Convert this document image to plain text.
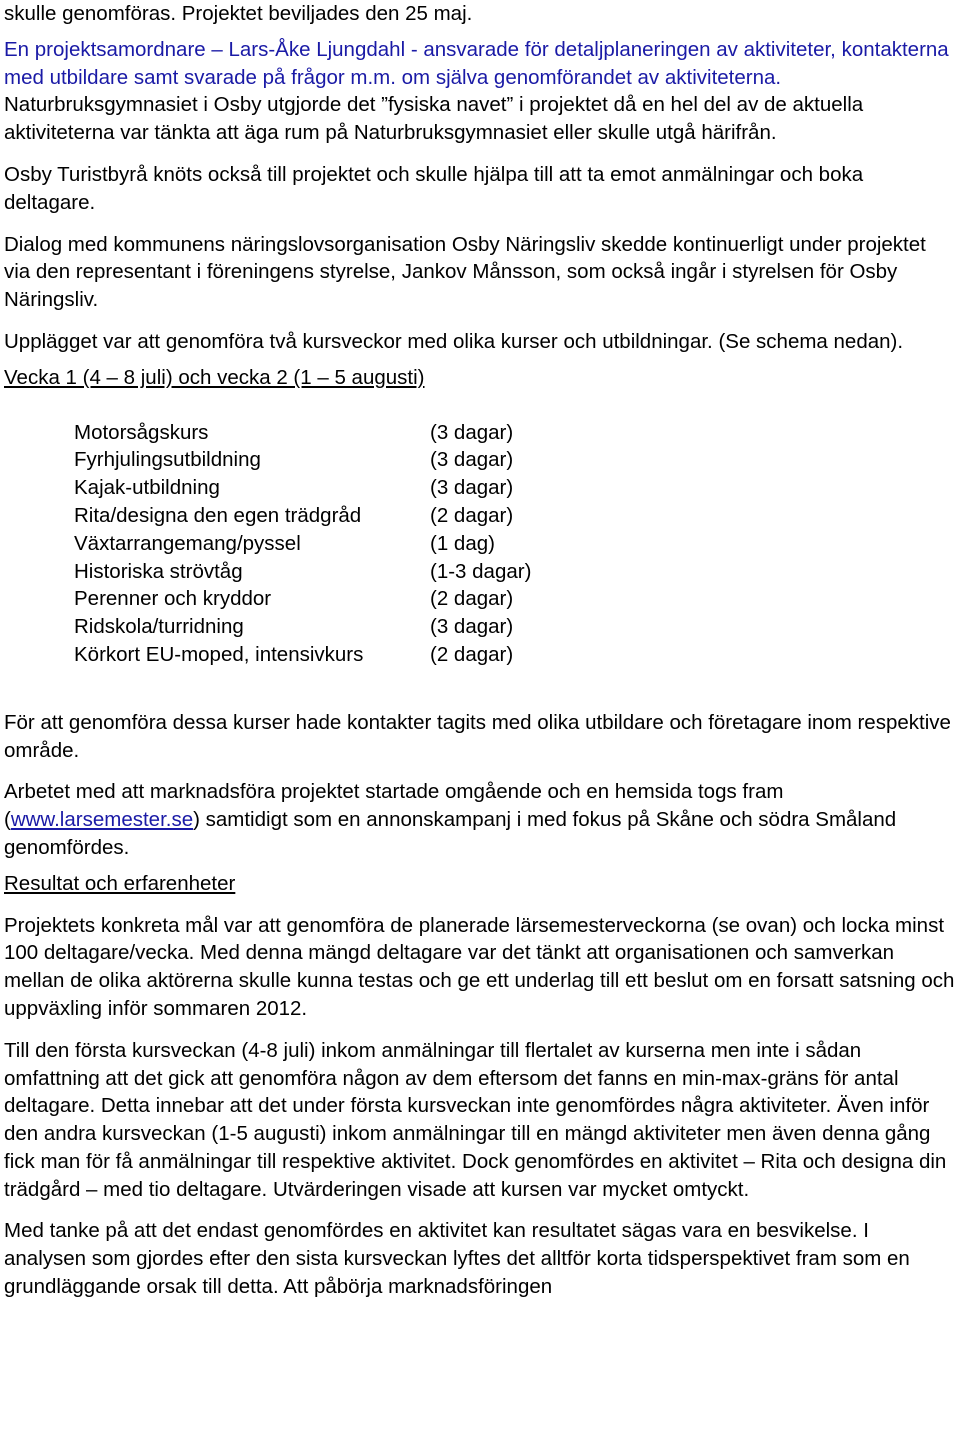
skulle genomföras. Projektet beviljades den 25 maj.

En projektsamordnare – Lars-Åke Ljungdahl - ansvarade för detaljplaneringen av aktiviteter, kontakterna med utbildare samt svarade på frågor m.m. om själva genomförandet av aktiviteterna. Naturbruksgymnasiet i Osby utgjorde det ”fysiska navet” i projektet då en hel del av de aktuella aktiviteterna var tänkta att äga rum på Naturbruksgymnasiet eller skulle utgå härifrån.

Osby Turistbyrå knöts också till projektet och skulle hjälpa till att ta emot anmälningar och boka deltagare.

Dialog med kommunens näringslovsorganisation Osby Näringsliv skedde kontinuerligt under projektet via den representant i föreningens styrelse, Jankov Månsson, som också ingår i styrelsen för Osby Näringsliv.

Upplägget var att genomföra två kursveckor med olika kurser och utbildningar. (Se schema nedan).

Vecka 1 (4 – 8 juli) och vecka 2 (1 – 5 augusti)

Motorsågskurs	(3 dagar)
Fyrhjulingsutbildning	(3 dagar)
Kajak-utbildning	(3 dagar)
Rita/designa den egen trädgråd	(2 dagar)
Växtarrangemang/pyssel	(1 dag)
Historiska strövtåg	(1-3 dagar)
Perenner och kryddor	(2 dagar)
Ridskola/turridning	(3 dagar)
Körkort EU-moped, intensivkurs	(2 dagar)

För att genomföra dessa kurser hade kontakter tagits med olika utbildare och företagare inom respektive område.

Arbetet med att marknadsföra projektet startade omgående och en hemsida togs fram (www.larsemester.se) samtidigt som en annonskampanj i med fokus på Skåne och södra Småland genomfördes.

Resultat och erfarenheter

Projektets konkreta mål var att genomföra de planerade lärsemesterveckorna (se ovan) och locka minst 100 deltagare/vecka. Med denna mängd deltagare var det tänkt att organisationen och samverkan mellan de olika aktörerna skulle kunna testas och ge ett underlag till ett beslut om en forsatt satsning och uppväxling inför sommaren 2012.

Till den första kursveckan (4-8 juli) inkom anmälningar till flertalet av kurserna men inte i sådan omfattning att det gick att genomföra någon av dem eftersom det fanns en min-max-gräns för antal deltagare. Detta innebar att det under första kursveckan inte genomfördes några aktiviteter. Även inför den andra kursveckan (1-5 augusti) inkom anmälningar till en mängd aktiviteter men även denna gång fick man för få anmälningar till respektive aktivitet. Dock genomfördes en aktivitet – Rita och designa din trädgård – med tio deltagare. Utvärderingen visade att kursen var mycket omtyckt.

Med tanke på att det endast genomfördes en aktivitet kan resultatet sägas vara en besvikelse. I analysen som gjordes efter den sista kursveckan lyftes det alltför korta tidsperspektivet fram som en grundläggande orsak till detta. Att påbörja marknadsföringen
